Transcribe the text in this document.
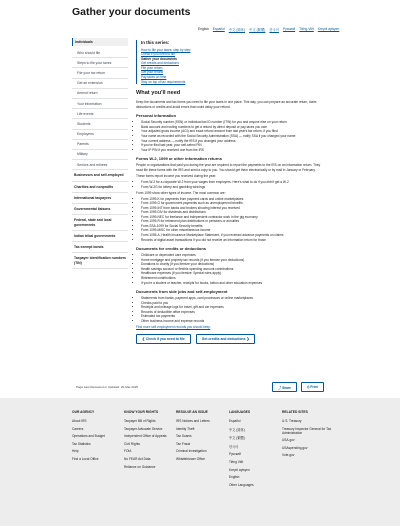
Gather your documents
English Español 中文 (简体) 中文 (繁體) 한국어 Русский Tiếng Việt Kreyòl ayisyen
Individuals
Who should file
Steps to file your taxes
File your tax return
Get an extension
Amend return
Your information
Life events
Students
Employees
Parents
Military
Seniors and retirees
Businesses and self-employed
Charities and nonprofits
International taxpayers
Governmental liaisons
Federal, state and local governments
Indian tribal governments
Tax exempt bonds
Taxpayer identification numbers (TIN)
In this series:
How to file your taxes: step by step
Check if you need to file
Gather your documents
Get credits and deductions
File your return
Get your refund
Pay taxes on time
Stay on top of tax requirements
What you'll need

Keep the documents and tax forms you need to file your taxes in one place. This way, you can prepare an accurate return, claim deductions or credits and avoid errors that could delay your refund.

Personal information
• Social Security number (SSN) or Individual tax ID number (ITIN) for you and anyone else on your return
• Bank account and routing numbers to get a refund by direct deposit or pay taxes you owe
• Your adjusted gross income (AGI) and exact refund amount from last year's tax return, if you filed
• Your name as recorded with the Social Security Administration (SSA) — notify SSA if you changed your name
• Your current address — notify the IRS if you changed your address
• If you've filed last year, your self-select PIN
• Your IP PIN if you received one from the IRS
Forms W-2, 1099 or other information returns

People or organizations that paid you during the year are required to report the payments to the IRS on an information return. They must file these forms with the IRS and send a copy to you. You should get them electronically or by mail in January or February.

These forms report income you received during the year:

• Form W-2 for a corporate W-2 from your wages from employers. Here's what to do if you didn't get a W-2
• Form W-2G for lottery and gambling winnings

Form 1099 show other types of income. The most common are:

• Form 1099-K for payments from payment cards and online marketplaces
• Form 1099-G for government payments such as unemployment benefits
• Form 1099-INT from banks and brokers showing interest you received
• Form 1099-DIV for dividends and distributions
• Form 1099-NEC for freelance and independent contractor work in the gig economy
• Form 1099-R for retirement plan distributions or pensions or annuities
• Form SSA-1099 for Social Security benefits
• Form 1099-MISC for other miscellaneous income
• Form 1095-A, Health Insurance Marketplace Statement, if you received advance payments on claims
• Records of digital asset transactions if you did not receive an information return for those
Documents for credits or deductions
• Childcare or dependent care expenses
• Home mortgage and property tax records (if you itemize your deductions)
• Donations to charity (if you itemize your deductions)
• Health savings account or flexible spending account contributions
• Healthcare expenses (if you itemize: Special rules apply)
• Retirement contributions
• If you're a student or teacher, receipts for books, tuition and other education expenses
Documents from side jobs and self-employment
• Statements from banks, payment apps, card processors or online marketplaces
• Checks paid to you
• Receipts and mileage logs for travel, gift and car expenses
• Records of deductible office expenses
• Estimated tax payments
• Other business income and expense records
Find more self-employment records you should keep
❮ Check if you need to file	Get credits and deductions ❯
Page Last Reviewed or Updated: 20-Mar-2025	⤴ Share	⎙ Print
OUR AGENCY
About IRS
Careers
Operations and Budget
Tax Statistics
Help
Find a Local Office
KNOW YOUR RIGHTS
Taxpayer Bill of Rights
Taxpayer Advocate Service
Independent Office of Appeals
Civil Rights
FOIA
No FEAR Act Data
Reliance on Guidance
RESOLVE AN ISSUE
IRS Notices and Letters
Identity Theft
Tax Scams
Tax Fraud
Criminal Investigation
Whistleblower Office
LANGUAGES
Español
中文 (简体)
中文 (繁體)
한국어
Русский
Tiếng Việt
Kreyòl ayisyen
English
Other Languages
RELATED SITES
U.S. Treasury
Treasury Inspector General for Tax Administration
USA.gov
USAspending.gov
Vote.gov
